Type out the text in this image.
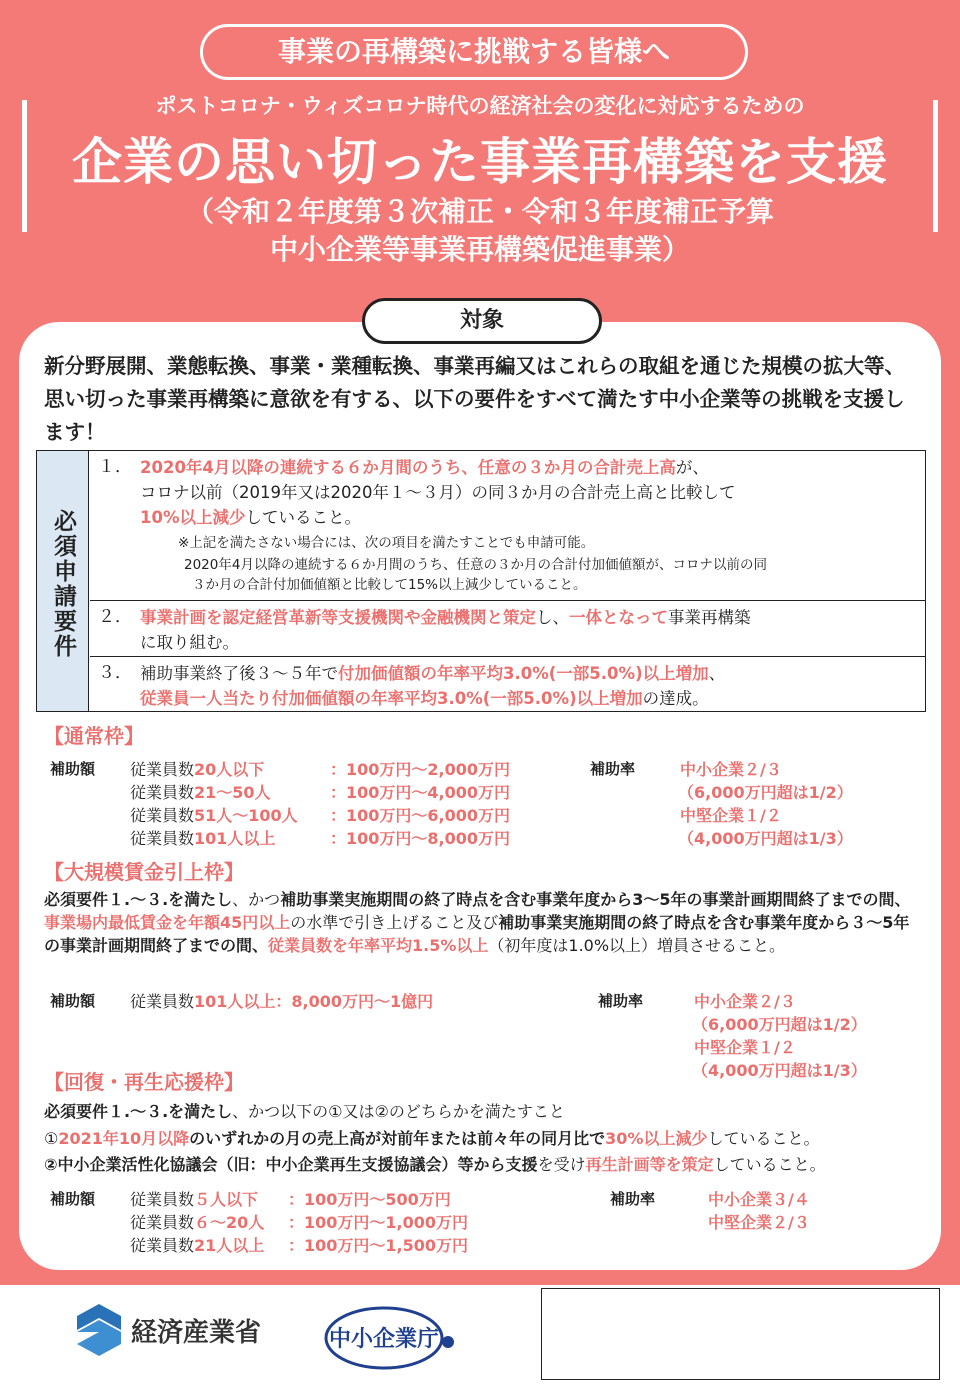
事業の再構築に挑戦する皆様へ
ポストコロナ・ウィズコロナ時代の経済社会の変化に対応するための
企業の思い切った事業再構築を支援
（令和２年度第３次補正・令和３年度補正予算
中小企業等事業再構築促進事業）
対象
新分野展開、業態転換、事業・業種転換、事業再編又はこれらの取組を通じた規模の拡大等、思い切った事業再構築に意欲を有する、以下の要件をすべて満たす中小企業等の挑戦を支援します！
必須申請要件
１． 2020年4月以降の連続する６か月間のうち、任意の３か月の合計売上高が、
コロナ以前（2019年又は2020年１～３月）の同３か月の合計売上高と比較して
10%以上減少していること。
※上記を満たさない場合には、次の項目を満たすことでも申請可能。
2020年4月以降の連続する６か月間のうち、任意の３か月の合計付加価値額が、コロナ以前の同
３か月の合計付加価値額と比較して15%以上減少していること。
２． 事業計画を認定経営革新等支援機関や金融機関と策定し、一体となって事業再構築
に取り組む。
３． 補助事業終了後３～５年で付加価値額の年率平均3.0%(一部5.0%)以上増加、
従業員一人当たり付加価値額の年率平均3.0%(一部5.0%)以上増加の達成。
【通常枠】
補助額 従業員数20人以下	：100万円～2,000万円
従業員数21～50人	：100万円～4,000万円
従業員数51人～100人 ：100万円～6,000万円
従業員数101人以上	：100万円～8,000万円
補助率	中小企業２/３
（6,000万円超は1/2）
中堅企業１/２
（4,000万円超は1/3）
【大規模賃金引上枠】
必須要件１.～３.を満たし、かつ補助事業実施期間の終了時点を含む事業年度から3～5年の事業計画期間終了までの間、事業場内最低賃金を年額45円以上の水準で引き上げること及び補助事業実施期間の終了時点を含む事業年度から３～5年の事業計画期間終了までの間、従業員数を年率平均1.5%以上（初年度は1.0%以上）増員させること。
補助額 従業員数101人以上：8,000万円～1億円	補助率	中小企業２/３
（6,000万円超は1/2）
中堅企業１/２
（4,000万円超は1/3）
【回復・再生応援枠】
必須要件１.～３.を満たし、かつ以下の①又は②のどちらかを満たすこと
①2021年10月以降のいずれかの月の売上高が対前年または前々年の同月比で30%以上減少していること。
②中小企業活性化協議会（旧：中小企業再生支援協議会）等から支援を受け再生計画等を策定していること。
補助額 従業員数５人以下 ：100万円～500万円
従業員数６～20人 ：100万円～1,000万円
従業員数21人以上 ：100万円～1,500万円
補助率	中小企業３/４
中堅企業２/３
経済産業省	中小企業庁
